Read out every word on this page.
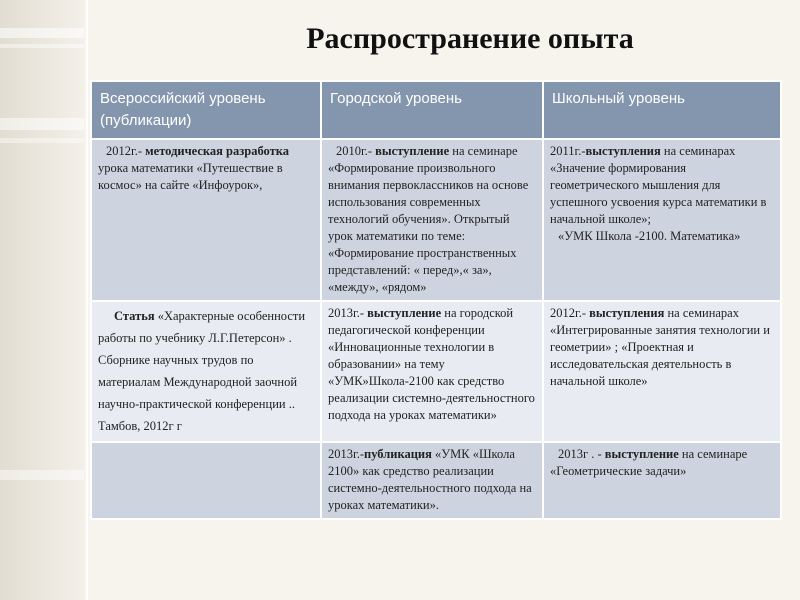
Распространение опыта
Всероссийский уровень (публикации)	Городской уровень	Школьный уровень
2012г.- методическая разработка урока математики «Путешествие в космос» на сайте «Инфоурок»,	2010г.- выступление на семинаре «Формирование произвольного внимания первоклассников на основе использования современных технологий обучения». Открытый урок математики по теме: «Формирование пространственных представлений: « перед»,« за», «между», «рядом»	2011г.-выступления на семинарах «Значение формирования геометрического мышления для успешного усвоения курса математики в начальной школе»;
«УМК Школа -2100. Математика»
Статья «Характерные особенности работы по учебнику Л.Г.Петерсон» . Сборнике научных трудов по материалам Международной заочной научно-практической конференции .. Тамбов, 2012г г	2013г.- выступление на городской педагогической конференции «Инновационные технологии в образовании» на тему «УМК»Школа-2100 как средство реализации системно-деятельностного подхода на уроках математики»	2012г.- выступления на семинарах «Интегрированные занятия технологии и геометрии» ; «Проектная и исследовательская деятельность в начальной школе»
	2013г.-публикация «УМК «Школа 2100» как средство реализации системно-деятельностного подхода на уроках математики».	2013г . - выступление на семинаре «Геометрические задачи»
